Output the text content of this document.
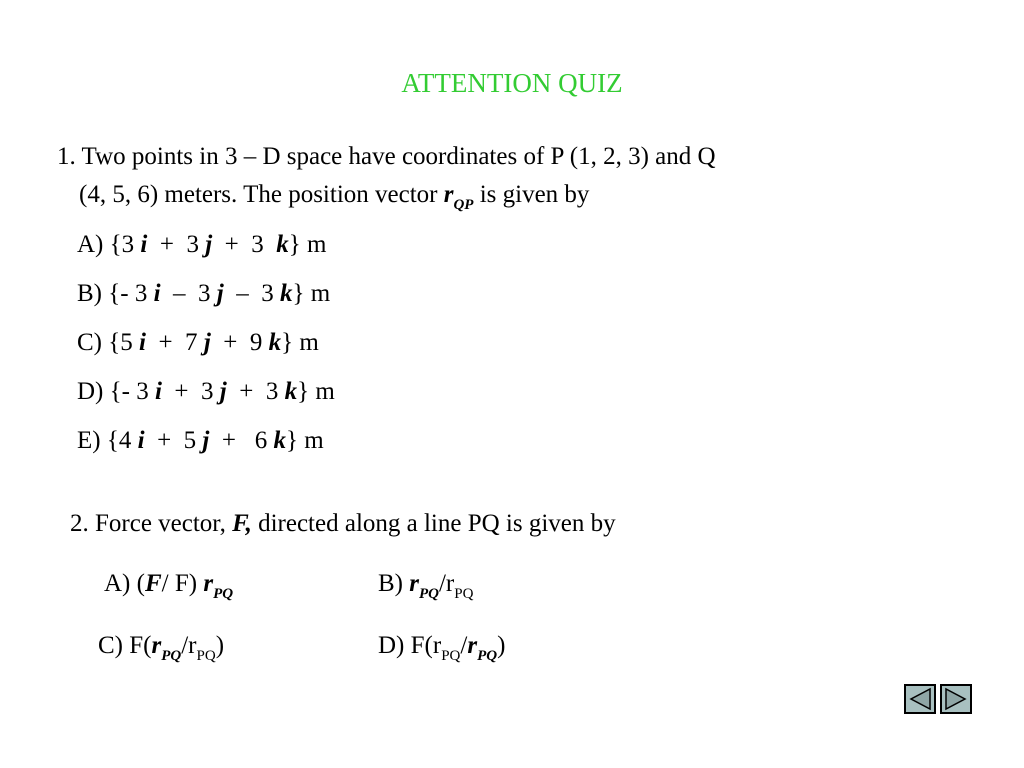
ATTENTION QUIZ
1. Two points in 3 – D space have coordinates of P (1, 2, 3) and Q
(4, 5, 6) meters. The position vector $r_{QP}$ is given by
A) {3 i  +  3 j  +  3  k} m
B) {- 3 i  –  3 j  –  3 k} m
C) {5 i  +  7 j  +  9 k} m
D) {- 3 i  +  3 j  +  3 k} m
E) {4 i  +  5 j  +   6 k} m
2. Force vector, F, directed along a line PQ is given by
A) (F/ F) $r_{PQ}$	B) $r_{PQ}/r_{PQ}$
C) $F(r_{PQ}/r_{PQ})$	D) $F(r_{PQ}/r_{PQ})$
